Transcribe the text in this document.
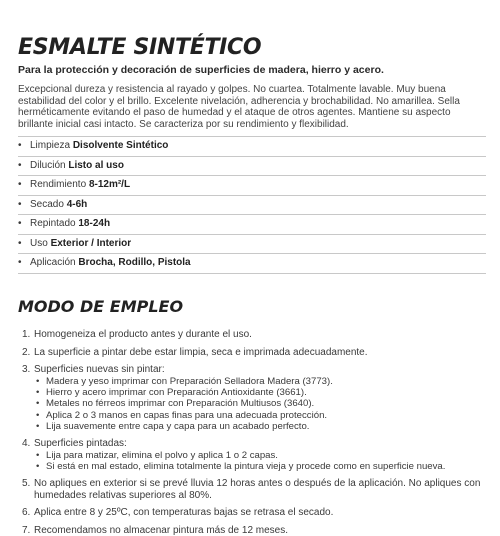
ESMALTE SINTÉTICO
Para la protección y decoración de superficies de madera, hierro y acero.
Excepcional dureza y resistencia al rayado y golpes. No cuartea. Totalmente lavable. Muy buena estabilidad del color y el brillo. Excelente nivelación, adherencia y brochabilidad. No amarillea. Sella herméticamente evitando el paso de humedad y el ataque de otros agentes. Mantiene su aspecto brillante inicial casi intacto. Se caracteriza por su rendimiento y flexibilidad.
• Limpieza Disolvente Sintético
• Dilución Listo al uso
• Rendimiento 8-12m²/L
• Secado 4-6h
• Repintado 18-24h
• Uso Exterior / Interior
• Aplicación Brocha, Rodillo, Pistola
MODO DE EMPLEO
1. Homogeneiza el producto antes y durante el uso.
2. La superficie a pintar debe estar limpia, seca e imprimada adecuadamente.
3. Superficies nuevas sin pintar:
• Madera y yeso imprimar con Preparación Selladora Madera (3773).
• Hierro y acero imprimar con Preparación Antioxidante (3661).
• Metales no férreos imprimar con Preparación Multiusos (3640).
• Aplica 2 o 3 manos en capas finas para una adecuada protección.
• Lija suavemente entre capa y capa para un acabado perfecto.
4. Superficies pintadas:
• Lija para matizar, elimina el polvo y aplica 1 o 2 capas.
• Si está en mal estado, elimina totalmente la pintura vieja y procede como en superficie nueva.
5. No apliques en exterior si se prevé lluvia 12 horas antes o después de la aplicación. No apliques con humedades relativas superiores al 80%.
6. Aplica entre 8 y 25ºC, con temperaturas bajas se retrasa el secado.
7. Recomendamos no almacenar pintura más de 12 meses.
